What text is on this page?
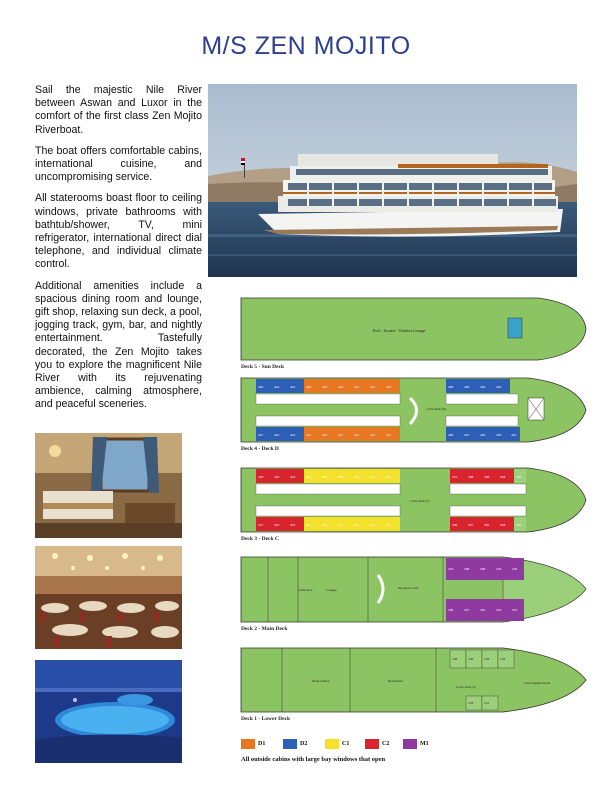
M/S ZEN MOJITO

Sail the majestic Nile River between Aswan and Luxor in the comfort of the first class Zen Mojito Riverboat.

The boat offers comfortable cabins, international cuisine, and uncompromising service.

All staterooms boast floor to ceiling windows, private bathrooms with bathtub/shower, TV, mini refrigerator, international direct dial telephone, and individual climate control.

Additional amenities include a spacious dining room and lounge, gift shop, relaxing sun deck, a pool, jogging track, gym, bar, and nightly entertainment. Tastefully decorated, the Zen Mojito takes you to explore the magnificent Nile River with its rejuvenating ambience, calming atmosphere, and peaceful sceneries.

Pool - Jacuzzi - Outdoor Lounge
Deck 5 - Sun Deck
Lobby Deck (D)
426	424	422	420	418	416	414	412	410	408	406	404	402
427	425	423	421	419	417	415	413	411	409	407	405	403	401
Deck 4 - Deck D
Lobby Deck (C)
328	326	324	322	320	318	316	314	312	310	308	306	304	302
327	325	323	321	319	317	315	313	311	309	307	305	303	301
Deck 3 - Deck C
Stuff Area	Lounge	Reception Lobby
210	208	206	204	202
209	207	205	203	201
Deck 2 - Main Deck
Main Galley	Restaurant
Lobby Deck (A)
Crew Engineer Room
108	106	104	102
103	101
Deck 1 - Lower Deck
D1	D2	C1	C2	M1
All outside cabins with large bay windows that open
